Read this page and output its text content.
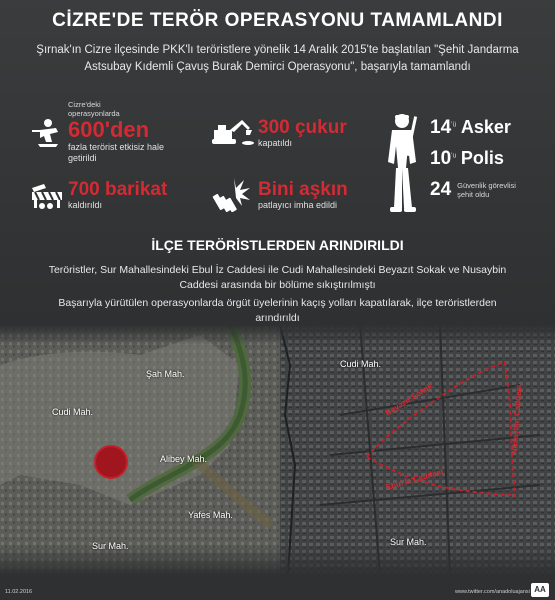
CİZRE'DE TERÖR OPERASYONU TAMAMLANDI
Şırnak'ın Cizre ilçesinde PKK'lı teröristlere yönelik 14 Aralık 2015'te başlatılan "Şehit Jandarma Astsubay Kıdemli Çavuş Burak Demirci Operasyonu", başarıyla tamamlandı
Cizre'deki operasyonlarda
600'den
fazla terörist etkisiz hale getirildi
300 çukur
kapatıldı
700 barikat
kaldırıldı
Bini aşkın
patlayıcı imha edildi
$14^{'ü}$ Asker
$10^{'u}$ Polis
24 Güvenlik görevlisi
şehit oldu
İLÇE TERÖRİSTLERDEN ARINDIRILDI
Teröristler, Sur Mahallesindeki Ebul İz Caddesi ile Cudi Mahallesindeki Beyazıt Sokak ve Nusaybin Caddesi arasında bir bölüme sıkıştırılmıştı
Başarıyla yürütülen operasyonlarda örgüt üyelerinin kaçış yolları kapatılarak, ilçe teröristlerden arındırıldı
Şah Mah.
Cudi Mah.
Alibey Mah.
Yafes Mah.
Sur Mah.
Cudi Mah.
Sur Mah.
Beyazıt Sokak
Ebul İz Caddesi
Nusaybin Caddesi
11.02.2016	www.twitter.com/anadoluajansi AA
